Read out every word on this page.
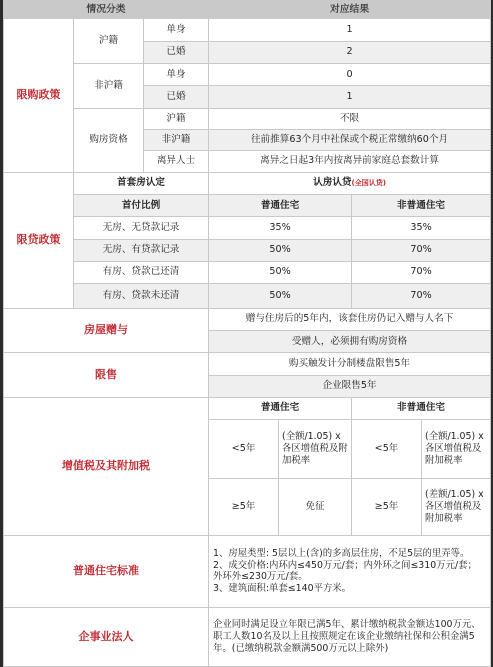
情况分类			对应结果			
限购政策	沪籍	单身	1			
		已婚	2			
	非沪籍	单身	0			
		已婚	1			
	购房资格	沪籍	不限			
		非沪籍	往前推算63个月中社保或个税正常缴纳60个月			
		离异人士	离异之日起3年内按离异前家庭总套数计算			
限贷政策	首套房认定		认房认贷(全国认贷)			
	首付比例		普通住宅		非普通住宅	
	无房、无贷款记录		35%		35%	
	无房、有贷款记录		50%		70%	
	有房、贷款已还清		50%		70%	
	有房、贷款未还清		50%		70%	
房屋赠与			赠与住房后的5年内，该套住房仍记入赠与人名下			
			受赠人，必须拥有购房资格			
限售			购买触发计分制楼盘限售5年			
			企业限售5年			
增值税及其附加税			普通住宅		非普通住宅	
			<5年	(全额/1.05) x各区增值税及附加税率	<5年	(全额/1.05) x各区增值税及附加税率
			≥5年	免征	≥5年	(差额/1.05) x各区增值税及附加税率
普通住宅标准			1、房屋类型: 5层以上(含)的多高层住房，不足5层的里弄等。
2、成交价格:内环内≤450万元/套；内外环之间≤310万元/套；外环外≤230万元/套。
3、建筑面积:单套≤140平方米。			

企事业法人			企业同时满足设立年限已满5年、累计缴纳税款金额达100万元、职工人数10名及以上且按照规定在该企业缴纳社保和公积金满5年。(已缴纳税款金额满500万元以上除外)			
